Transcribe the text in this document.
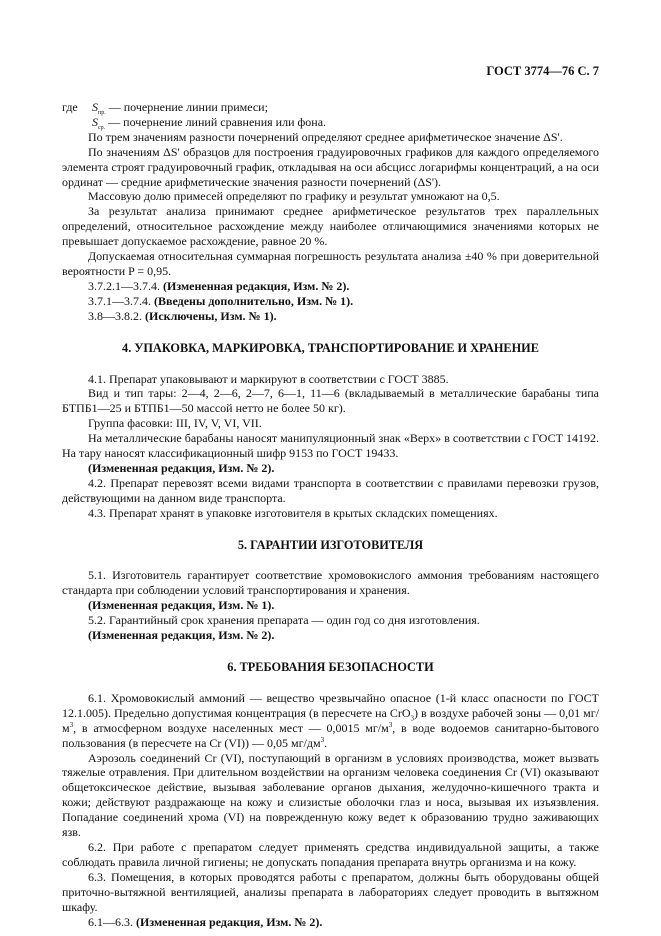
ГОСТ 3774—76 С. 7
где	$S_{пр.}$ — почернение линии примеси;
$S_{ср.}$ — почернение линий сравнения или фона.

По трем значениям разности почернений определяют среднее арифметическое значение ΔS'.

По значениям ΔS' образцов для построения градуировочных графиков для каждого определяемого элемента строят градуировочный график, откладывая на оси абсцисс логарифмы концентраций, а на оси ординат — средние арифметические значения разности почернений (ΔS').

Массовую долю примесей определяют по графику и результат умножают на 0,5.

За результат анализа принимают среднее арифметическое результатов трех параллельных определений, относительное расхождение между наиболее отличающимися значениями которых не превышает допускаемое расхождение, равное 20 %.

Допускаемая относительная суммарная погрешность результата анализа ±40 % при доверительной вероятности P = 0,95.

3.7.2.1—3.7.4. (Измененная редакция, Изм. № 2).

3.7.1—3.7.4. (Введены дополнительно, Изм. № 1).

3.8—3.8.2. (Исключены, Изм. № 1).

4. УПАКОВКА, МАРКИРОВКА, ТРАНСПОРТИРОВАНИЕ И ХРАНЕНИЕ

4.1. Препарат упаковывают и маркируют в соответствии с ГОСТ 3885.

Вид и тип тары: 2—4, 2—6, 2—7, 6—1, 11—6 (вкладываемый в металлические барабаны типа БТПБ1—25 и БТПБ1—50 массой нетто не более 50 кг).

Группа фасовки: III, IV, V, VI, VII.

На металлические барабаны наносят манипуляционный знак «Верх» в соответствии с ГОСТ 14192. На тару наносят классификационный шифр 9153 по ГОСТ 19433.

(Измененная редакция, Изм. № 2).

4.2. Препарат перевозят всеми видами транспорта в соответствии с правилами перевозки грузов, действующими на данном виде транспорта.

4.3. Препарат хранят в упаковке изготовителя в крытых складских помещениях.

5. ГАРАНТИИ ИЗГОТОВИТЕЛЯ

5.1. Изготовитель гарантирует соответствие хромовокислого аммония требованиям настоящего стандарта при соблюдении условий транспортирования и хранения.

(Измененная редакция, Изм. № 1).

5.2. Гарантийный срок хранения препарата — один год со дня изготовления.

(Измененная редакция, Изм. № 2).

6. ТРЕБОВАНИЯ БЕЗОПАСНОСТИ

6.1. Хромовокислый аммоний — вещество чрезвычайно опасное (1-й класс опасности по ГОСТ 12.1.005). Предельно допустимая концентрация (в пересчете на CrO$_3$) в воздухе рабочей зоны — 0,01 $мг/м^3$, в атмосферном воздухе населенных мест — 0,0015 $мг/м^3$, в воде водоемов санитарно-бытового пользования (в пересчете на Cr (VI)) — 0,05 $мг/дм^3$.

Аэрозоль соединений Cr (VI), поступающий в организм в условиях производства, может вызвать тяжелые отравления. При длительном воздействии на организм человека соединения Cr (VI) оказывают общетоксическое действие, вызывая заболевание органов дыхания, желудочно-кишечного тракта и кожи; действуют раздражающе на кожу и слизистые оболочки глаз и носа, вызывая их изъязвления. Попадание соединений хрома (VI) на поврежденную кожу ведет к образованию трудно заживающих язв.

6.2. При работе с препаратом следует применять средства индивидуальной защиты, а также соблюдать правила личной гигиены; не допускать попадания препарата внутрь организма и на кожу.

6.3. Помещения, в которых проводятся работы с препаратом, должны быть оборудованы общей приточно-вытяжной вентиляцией, анализы препарата в лабораториях следует проводить в вытяжном шкафу.

6.1—6.3. (Измененная редакция, Изм. № 2).
